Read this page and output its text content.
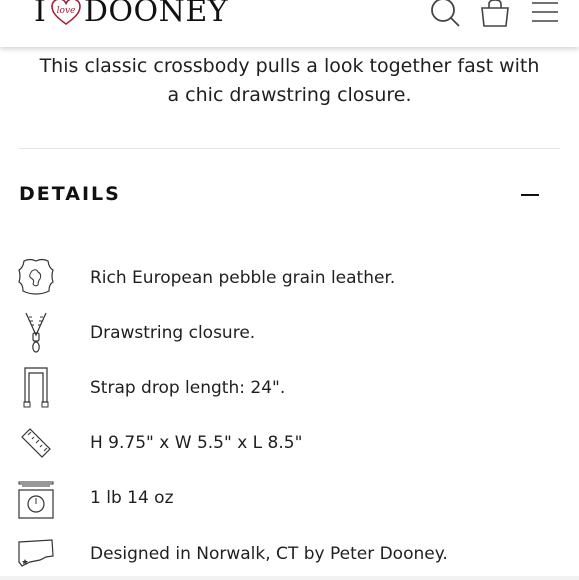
I love DOONEY
This classic crossbody pulls a look together fast with
a chic drawstring closure.
DETAILS
Rich European pebble grain leather.
Drawstring closure.
Strap drop length: 24".
H 9.75" x W 5.5" x L 8.5"
1 lb 14 oz
Designed in Norwalk, CT by Peter Dooney.
